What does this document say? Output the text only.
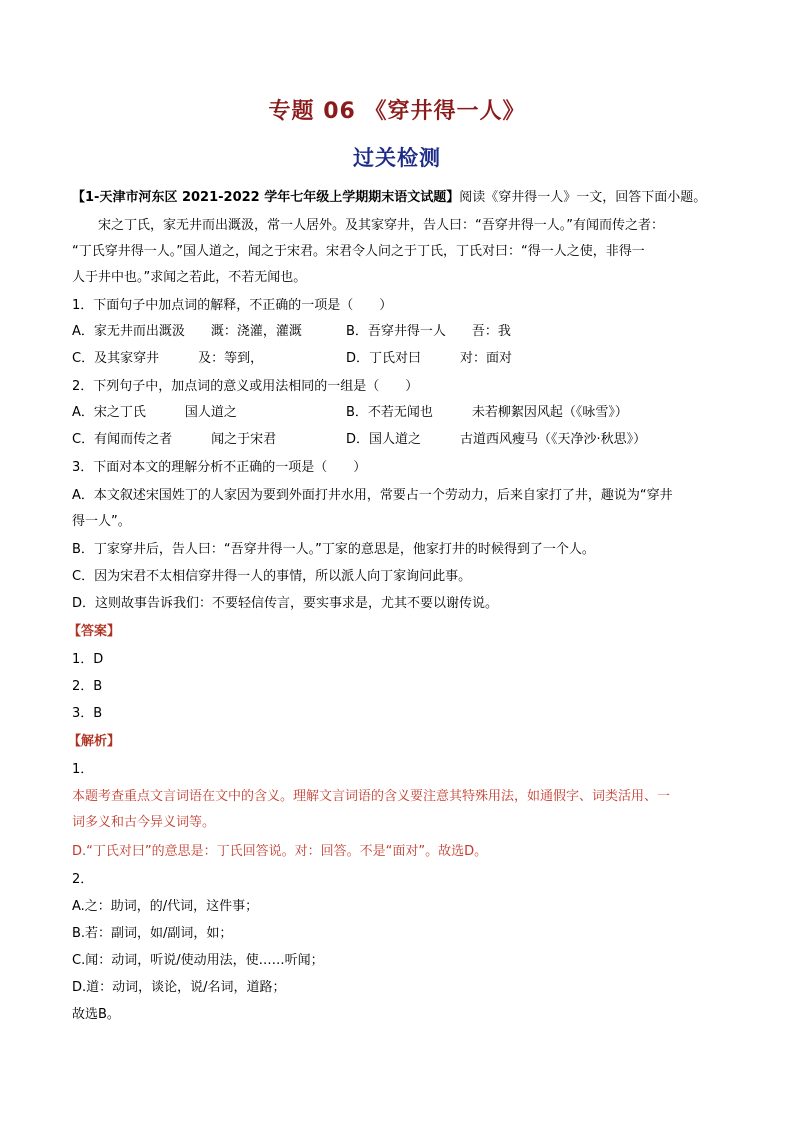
专题 06 《穿井得一人》
过关检测
【1-天津市河东区 2021-2022 学年七年级上学期期末语文试题】阅读《穿井得一人》一文，回答下面小题。
宋之丁氏，家无井而出溉汲，常一人居外。及其家穿井，告人曰：“吾穿井得一人。”有闻而传之者：
“丁氏穿井得一人。”国人道之，闻之于宋君。宋君令人问之于丁氏，丁氏对曰：“得一人之使，非得一
人于井中也。”求闻之若此，不若无闻也。
1．下面句子中加点词的解释，不正确的一项是（　　）
A．家无井而出溉汲　　溉：浇灌，灌溉	B．吾穿井得一人　　吾：我
C．及其家穿井　　　及：等到，	D．丁氏对曰　　　对：面对
2．下列句子中，加点词的意义或用法相同的一组是（　　）
A．宋之丁氏　　　国人道之	B．不若无闻也　　　未若柳絮因风起（《咏雪》）
C．有闻而传之者　　　闻之于宋君	D．国人道之　　　古道西风瘦马（《天净沙·秋思》）
3．下面对本文的理解分析不正确的一项是（　　）
A．本文叙述宋国姓丁的人家因为要到外面打井水用，常要占一个劳动力，后来自家打了井，趣说为“穿井
得一人”。
B．丁家穿井后，告人曰：“吾穿井得一人。”丁家的意思是，他家打井的时候得到了一个人。
C．因为宋君不太相信穿井得一人的事情，所以派人向丁家询问此事。
D．这则故事告诉我们：不要轻信传言，要实事求是，尤其不要以谢传说。
【答案】
1．D
2．B
3．B
【解析】
1．
本题考查重点文言词语在文中的含义。理解文言词语的含义要注意其特殊用法，如通假字、词类活用、一
词多义和古今异义词等。
D.“丁氏对曰”的意思是：丁氏回答说。对：回答。不是“面对”。故选D。
2．
A.之：助词，的/代词，这件事；
B.若：副词，如/副词，如；
C.闻：动词，听说/使动用法，使……听闻；
D.道：动词，谈论，说/名词，道路；
故选B。
